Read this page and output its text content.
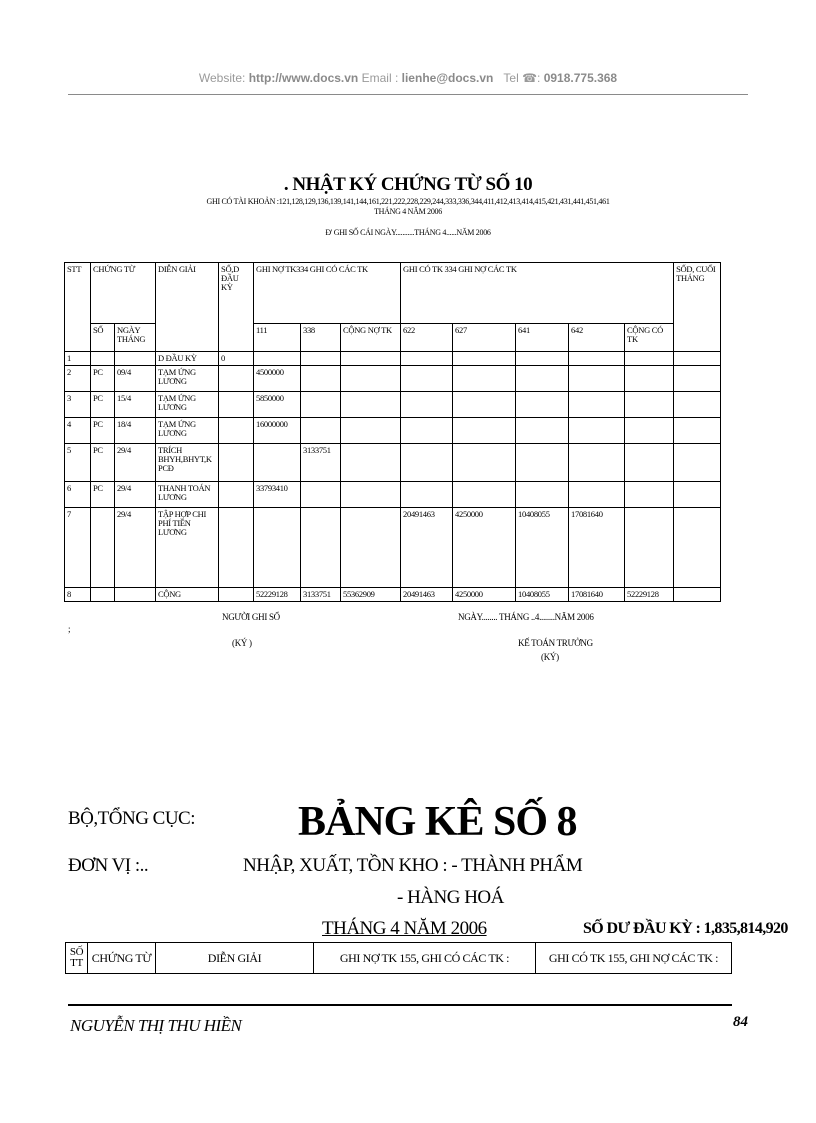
Website: http://www.docs.vn Email : lienhe@docs.vn Tel ☎: 0918.775.368
. NHẬT KÝ CHỨNG TỪ SỐ 10
GHI CÓ TÀI KHOẢN :121,128,129,136,139,141,144,161,221,222,228,229,244,333,336,344,411,412,413,414,415,421,431,441,451,461
THÁNG 4 NĂM 2006
Đ' GHI SỐ CÁI NGÀY...........THÁNG 4......NĂM 2006
STT	CHỨNG TỪ		DIỄN GIẢI	SỐ,D ĐẦU KỲ	GHI NỢ TK334 GHI CÓ CÁC TK			GHI CÓ TK 334 GHI NỢ CÁC TK					SỐD, CUỐI THÁNG
	SỐ	NGÀY THÁNG			111	338	CỘNG NỢ TK	622	627	641	642	CỘNG CÓ TK	
1			D ĐẦU KỲ	0									
2	PC	09/4	TẠM ỨNG LƯƠNG		4500000								
3	PC	15/4	TẠM ỨNG LƯƠNG		5850000								
4	PC	18/4	TẠM ỨNG LƯƠNG		16000000								
5	PC	29/4	TRÍCH BHYH,BHYT,K PCĐ			3133751							
6	PC	29/4	THANH TOÁN LƯƠNG		33793410								
7		29/4	TẬP HỢP CHI PHÍ TIỀN LƯƠNG					20491463	4250000	10408055	17081640		
8			CỘNG		52229128	3133751	55362909	20491463	4250000	10408055	17081640	52229128	
NGƯỜI GHI SỔ
(KÝ )
NGÀY........ THÁNG ..4........NĂM 2006
KẾ TOÁN TRƯỞNG
(KÝ)
;
BỘ,TỔNG CỤC: BẢNG KÊ SỐ 8
ĐƠN VỊ :..	NHẬP, XUẤT, TỒN KHO : - THÀNH PHẨM
- HÀNG HOÁ
THÁNG 4 NĂM 2006	SỐ DƯ ĐẦU KỲ : 1,835,814,920
SỐ TT	CHỨNG TỪ	DIỄN GIẢI	GHI NỢ TK 155, GHI CÓ CÁC TK :	GHI CÓ TK 155, GHI NỢ CÁC TK :
NGUYỄN THỊ THU HIỀN	84
